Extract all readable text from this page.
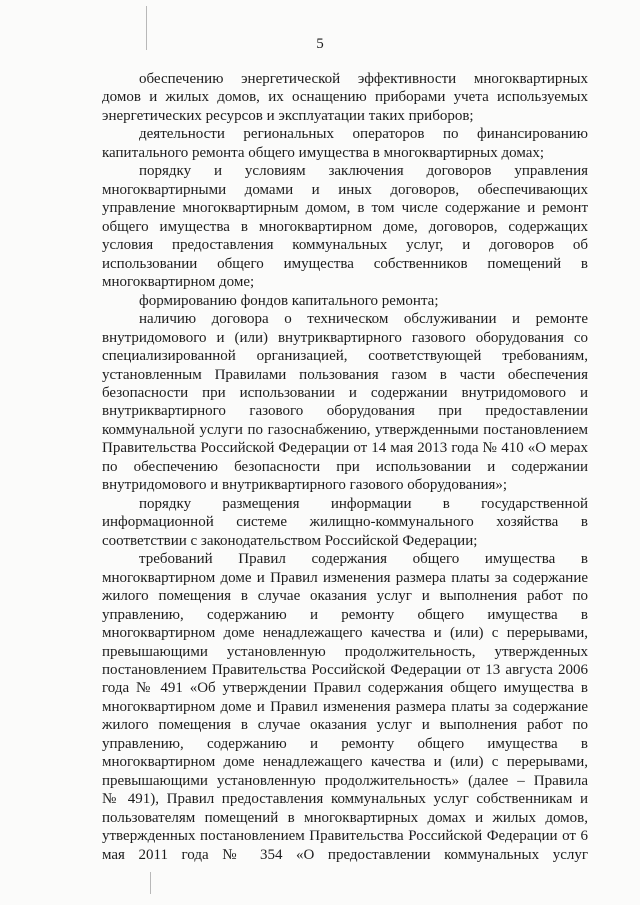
5
обеспечению энергетической эффективности многоквартирных
домов и жилых домов, их оснащению приборами учета используемых
энергетических ресурсов и эксплуатации таких приборов;
деятельности региональных операторов по финансированию
капитального ремонта общего имущества в многоквартирных домах;
порядку и условиям заключения договоров управления
многоквартирными домами и иных договоров, обеспечивающих
управление многоквартирным домом, в том числе содержание и ремонт
общего имущества в многоквартирном доме, договоров, содержащих
условия предоставления коммунальных услуг, и договоров об
использовании общего имущества собственников помещений в
многоквартирном доме;
формированию фондов капитального ремонта;
наличию договора о техническом обслуживании и ремонте
внутридомового и (или) внутриквартирного газового оборудования со
специализированной организацией, соответствующей требованиям,
установленным Правилами пользования газом в части обеспечения
безопасности при использовании и содержании внутридомового и
внутриквартирного газового оборудования при предоставлении
коммунальной услуги по газоснабжению, утвержденными постановлением
Правительства Российской Федерации от 14 мая 2013 года № 410 «О мерах
по обеспечению безопасности при использовании и содержании
внутридомового и внутриквартирного газового оборудования»;
порядку размещения информации в государственной
информационной системе жилищно-коммунального хозяйства в
соответствии с законодательством Российской Федерации;
требований Правил содержания общего имущества в
многоквартирном доме и Правил изменения размера платы за содержание
жилого помещения в случае оказания услуг и выполнения работ по
управлению, содержанию и ремонту общего имущества в
многоквартирном доме ненадлежащего качества и (или) с перерывами,
превышающими установленную продолжительность, утвержденных
постановлением Правительства Российской Федерации от 13 августа 2006
года № 491 «Об утверждении Правил содержания общего имущества в
многоквартирном доме и Правил изменения размера платы за содержание
жилого помещения в случае оказания услуг и выполнения работ по
управлению, содержанию и ремонту общего имущества в
многоквартирном доме ненадлежащего качества и (или) с перерывами,
превышающими установленную продолжительность» (далее – Правила
№ 491), Правил предоставления коммунальных услуг собственникам и
пользователям помещений в многоквартирных домах и жилых домов,
утвержденных постановлением Правительства Российской Федерации от 6
мая 2011 года № 354 «О предоставлении коммунальных услуг
